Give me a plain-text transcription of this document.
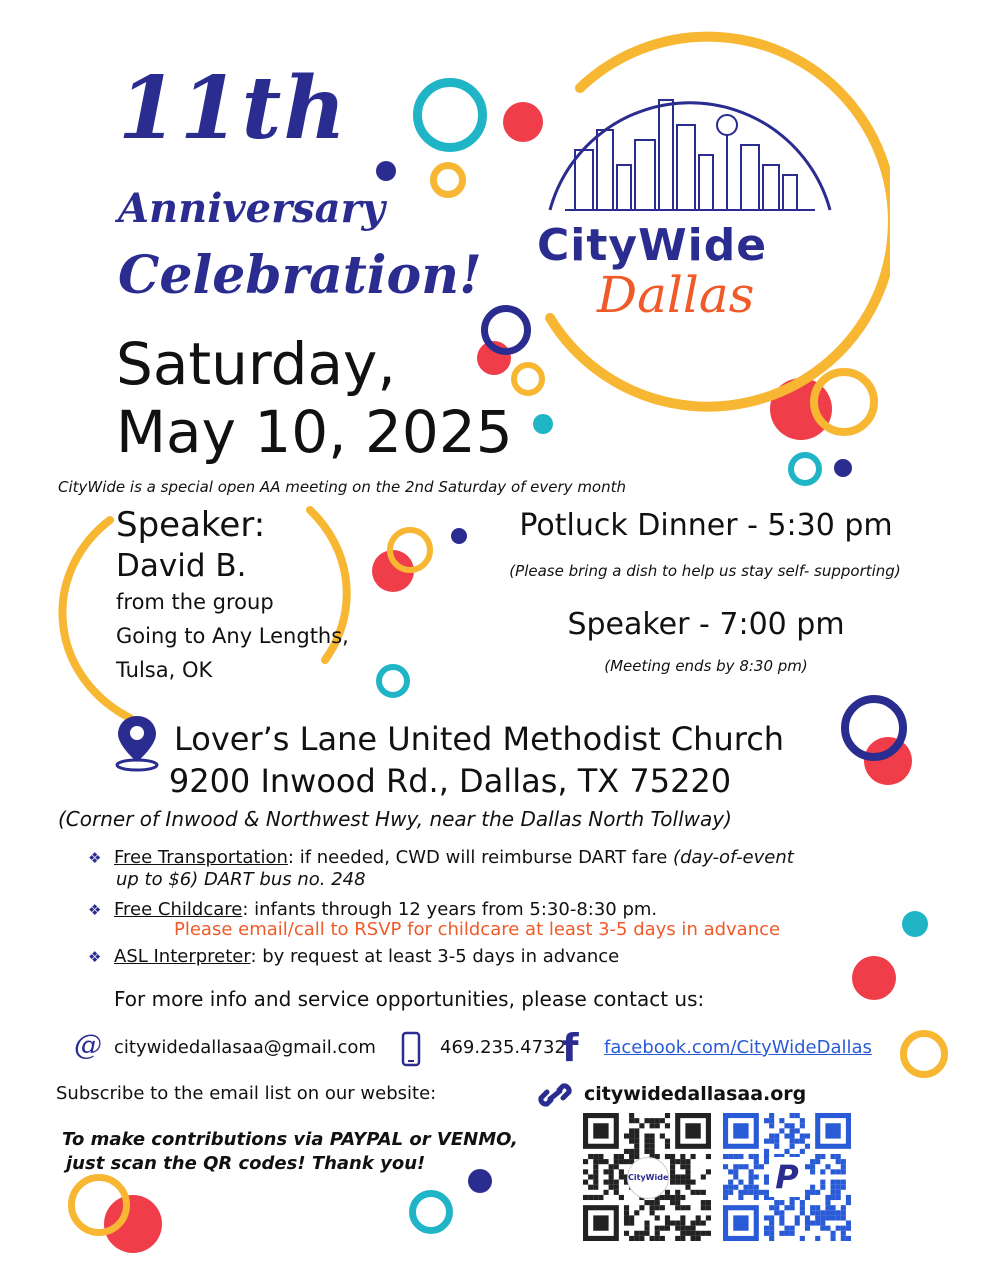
CityWide
Dallas
11th
Anniversary
Celebration!
Saturday,
May 10, 2025
CityWide is a special open AA meeting on the 2nd Saturday of every month
Speaker:
David B.
from the group
Going to Any Lengths,
Tulsa, OK
Potluck Dinner - 5:30 pm
(Please bring a dish to help us stay self- supporting)
Speaker - 7:00 pm
(Meeting ends by 8:30 pm)
Lover’s Lane United Methodist Church
9200 Inwood Rd., Dallas, TX 75220
(Corner of Inwood & Northwest Hwy, near the Dallas North Tollway)
❖ Free Transportation: if needed, CWD will reimburse DART fare (day-of-event
up to $6) DART bus no. 248
❖ Free Childcare: infants through 12 years from 5:30-8:30 pm.
Please email/call to RSVP for childcare at least 3-5 days in advance
❖ ASL Interpreter: by request at least 3-5 days in advance
For more info and service opportunities, please contact us:
@ citywidedallasaa@gmail.com	469.235.4732
f facebook.com/CityWideDallas
Subscribe to the email list on our website:	citywidedallasaa.org
To make contributions via PAYPAL or VENMO,
just scan the QR codes! Thank you!
CityWide	P
